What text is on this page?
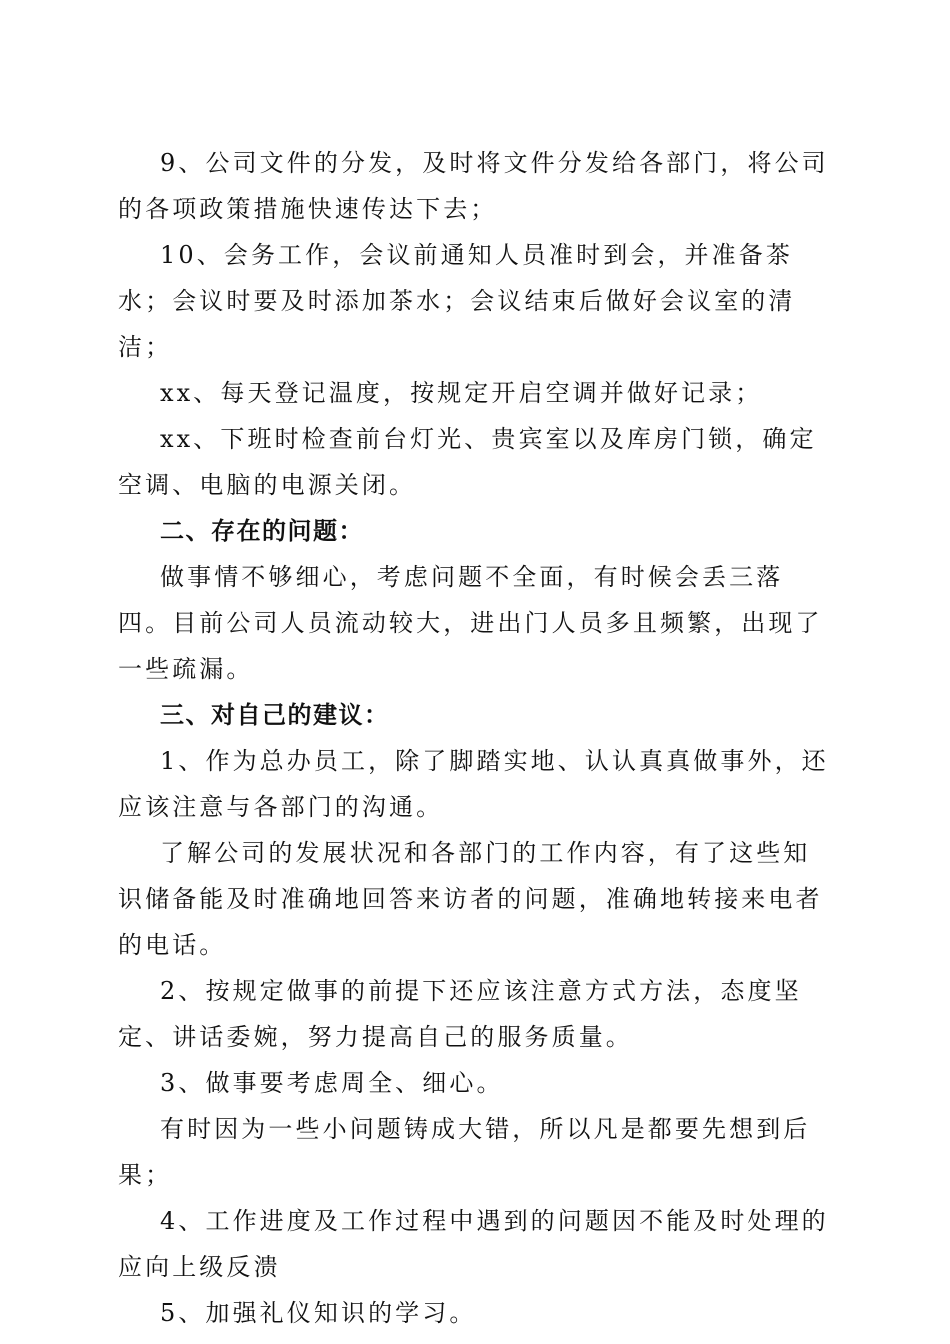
9、公司文件的分发，及时将文件分发给各部门，将公司的各项政策措施快速传达下去；

10、会务工作，会议前通知人员准时到会，并准备茶水；会议时要及时添加茶水；会议结束后做好会议室的清洁；

xx、每天登记温度，按规定开启空调并做好记录；

xx、下班时检查前台灯光、贵宾室以及库房门锁，确定空调、电脑的电源关闭。

二、存在的问题：

做事情不够细心，考虑问题不全面，有时候会丢三落四。目前公司人员流动较大，进出门人员多且频繁，出现了一些疏漏。

三、对自己的建议：

1、作为总办员工，除了脚踏实地、认认真真做事外，还应该注意与各部门的沟通。

了解公司的发展状况和各部门的工作内容，有了这些知识储备能及时准确地回答来访者的问题，准确地转接来电者的电话。

2、按规定做事的前提下还应该注意方式方法，态度坚定、讲话委婉，努力提高自己的服务质量。

3、做事要考虑周全、细心。

有时因为一些小问题铸成大错，所以凡是都要先想到后果；

4、工作进度及工作过程中遇到的问题因不能及时处理的应向上级反溃

5、加强礼仪知识的学习。
